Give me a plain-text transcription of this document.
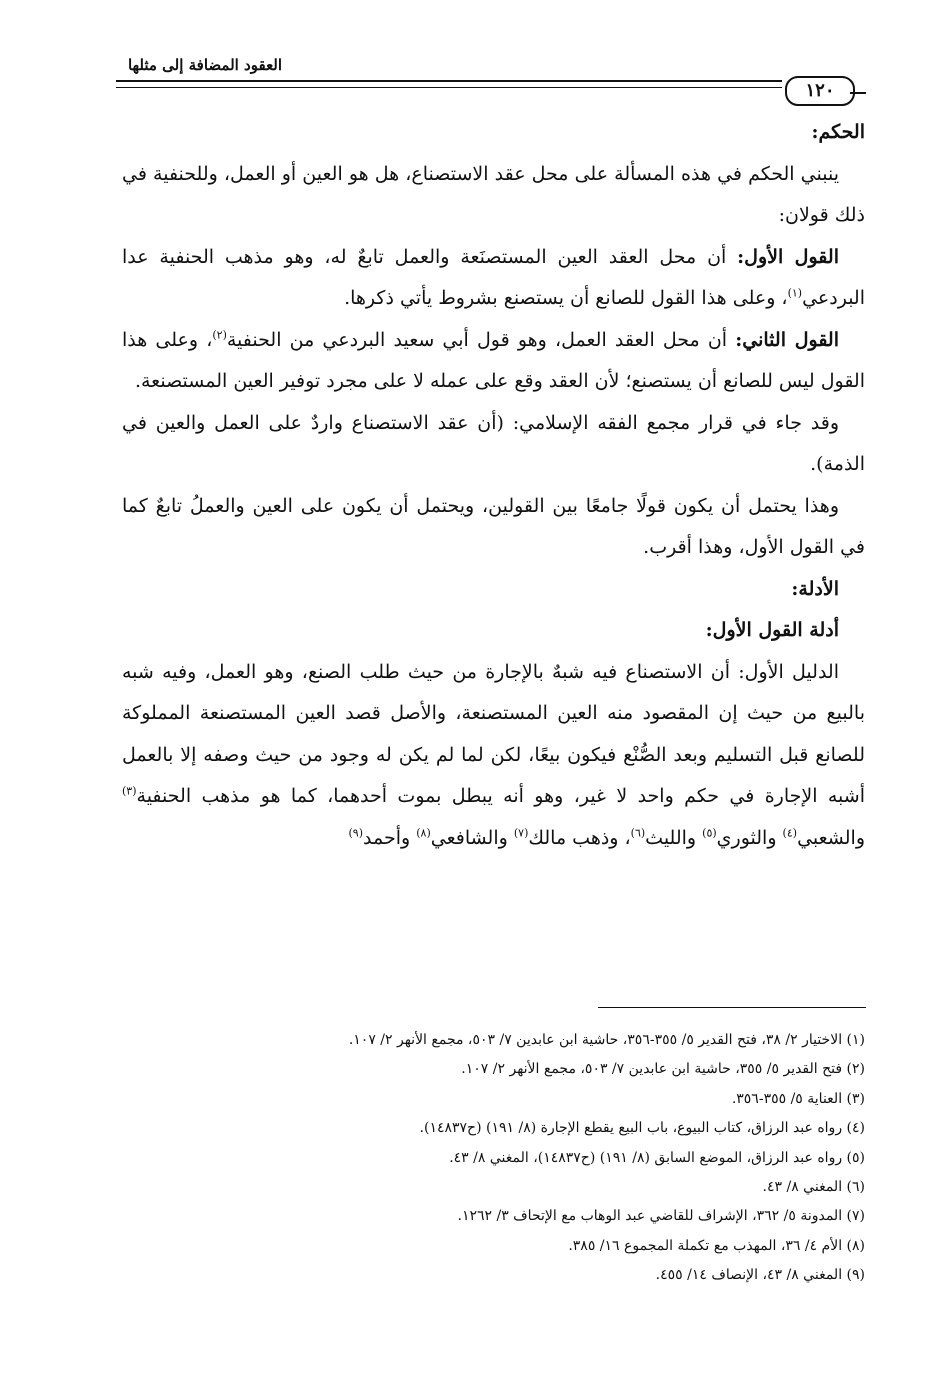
العقود المضافة إلى مثلها
١٢٠

الحكم:

ينبني الحكم في هذه المسألة على محل عقد الاستصناع، هل هو العين أو العمل، وللحنفية في ذلك قولان:

القول الأول: أن محل العقد العين المستصنَعة والعمل تابعٌ له، وهو مذهب الحنفية عدا البردعي$^{(١)}$، وعلى هذا القول للصانع أن يستصنع بشروط يأتي ذكرها.

القول الثاني: أن محل العقد العمل، وهو قول أبي سعيد البردعي من الحنفية$^{(٢)}$، وعلى هذا القول ليس للصانع أن يستصنع؛ لأن العقد وقع على عمله لا على مجرد توفير العين المستصنعة.

وقد جاء في قرار مجمع الفقه الإسلامي: (أن عقد الاستصناع واردٌ على العمل والعين في الذمة).

وهذا يحتمل أن يكون قولًا جامعًا بين القولين، ويحتمل أن يكون على العين والعملُ تابعٌ كما في القول الأول، وهذا أقرب.

الأدلة:

أدلة القول الأول:

الدليل الأول: أن الاستصناع فيه شبهٌ بالإجارة من حيث طلب الصنع، وهو العمل، وفيه شبه بالبيع من حيث إن المقصود منه العين المستصنعة، والأصل قصد العين المستصنعة المملوكة للصانع قبل التسليم وبعد الصُّنْع فيكون بيعًا، لكن لما لم يكن له وجود من حيث وصفه إلا بالعمل أشبه الإجارة في حكم واحد لا غير، وهو أنه يبطل بموت أحدهما، كما هو مذهب الحنفية$^{(٣)}$ والشعبي$^{(٤)}$ والثوري$^{(٥)}$ والليث$^{(٦)}$، وذهب مالك$^{(٧)}$ والشافعي$^{(٨)}$ وأحمد$^{(٩)}$

(١) الاختيار ٢/ ٣٨، فتح القدير ٥/ ٣٥٥-٣٥٦، حاشية ابن عابدين ٧/ ٥٠٣، مجمع الأنهر ٢/ ١٠٧.
(٢) فتح القدير ٥/ ٣٥٥، حاشية ابن عابدين ٧/ ٥٠٣، مجمع الأنهر ٢/ ١٠٧.
(٣) العناية ٥/ ٣٥٥-٣٥٦.
(٤) رواه عبد الرزاق، كتاب البيوع، باب البيع يقطع الإجارة (٨/ ١٩١) (ح١٤٨٣٧).
(٥) رواه عبد الرزاق، الموضع السابق (٨/ ١٩١) (ح١٤٨٣٧)، المغني ٨/ ٤٣.
(٦) المغني ٨/ ٤٣.
(٧) المدونة ٥/ ٣٦٢، الإشراف للقاضي عبد الوهاب مع الإتحاف ٣/ ١٢٦٢.
(٨) الأم ٤/ ٣٦، المهذب مع تكملة المجموع ١٦/ ٣٨٥.
(٩) المغني ٨/ ٤٣، الإنصاف ١٤/ ٤٥٥.
